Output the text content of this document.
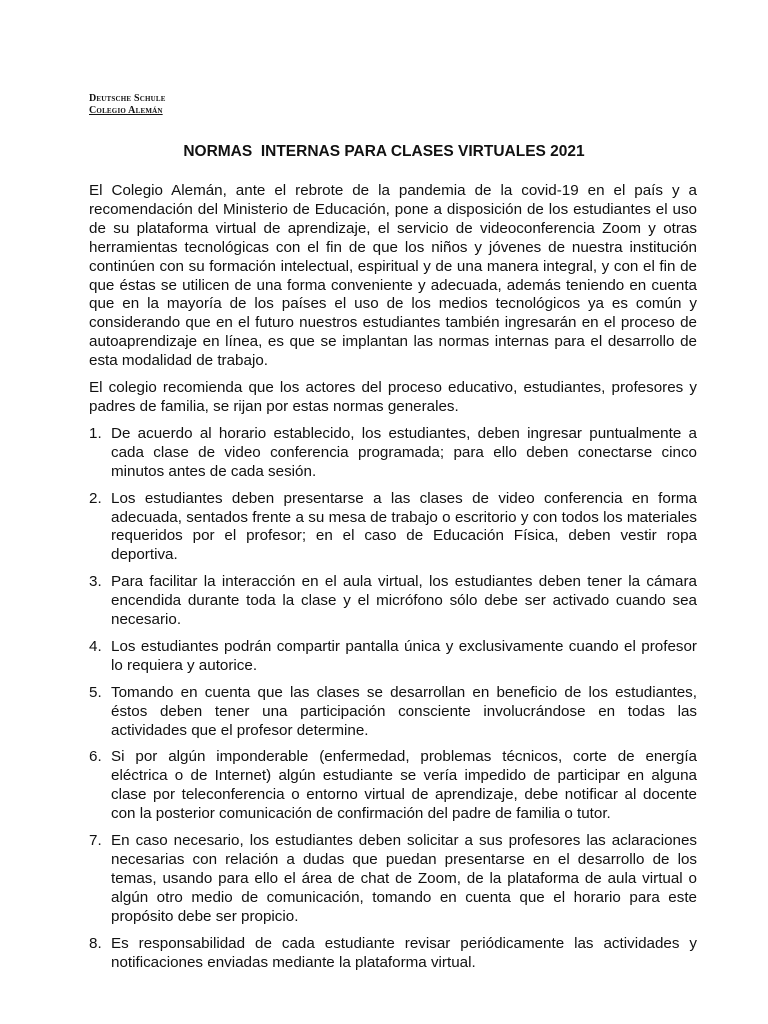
Deutsche Schule
Colegio Alemán
NORMAS  INTERNAS PARA CLASES VIRTUALES 2021

El Colegio Alemán, ante el rebrote de la pandemia de la covid-19 en el país y a recomendación del Ministerio de Educación, pone a disposición de los estudiantes el uso de su plataforma virtual de aprendizaje, el servicio de videoconferencia Zoom y otras herramientas tecnológicas con el fin de que los niños y jóvenes de nuestra institución continúen con su formación intelectual, espiritual y de una manera integral, y con el fin de que éstas se utilicen de una forma conveniente y adecuada, además teniendo en cuenta que en la mayoría de los países el uso de los medios tecnológicos ya es común y considerando que en el futuro nuestros estudiantes también ingresarán en el proceso de autoaprendizaje en línea, es que se implantan las normas internas para el desarrollo de esta modalidad de trabajo.

El colegio recomienda que los actores del proceso educativo, estudiantes, profesores y padres de familia, se rijan por estas normas generales.

1. De acuerdo al horario establecido, los estudiantes, deben ingresar puntualmente a cada clase de video conferencia programada; para ello deben conectarse cinco minutos antes de cada sesión.
2. Los estudiantes deben presentarse a las clases de video conferencia en forma adecuada, sentados frente a su mesa de trabajo o escritorio y con todos los materiales requeridos por el profesor; en el caso de Educación Física, deben vestir ropa deportiva.
3. Para facilitar la interacción en el aula virtual, los estudiantes deben tener la cámara encendida durante toda la clase y el micrófono sólo debe ser activado cuando sea necesario.
4. Los estudiantes podrán compartir pantalla única y exclusivamente cuando el profesor lo requiera y autorice.
5. Tomando en cuenta que las clases se desarrollan en beneficio de los estudiantes, éstos deben tener una participación consciente involucrándose en todas las actividades que el profesor determine.
6. Si por algún imponderable (enfermedad, problemas técnicos, corte de energía eléctrica o de Internet) algún estudiante se vería impedido de participar en alguna clase por teleconferencia o entorno virtual de aprendizaje, debe notificar al docente con la posterior comunicación de confirmación del padre de familia o tutor.
7. En caso necesario, los estudiantes deben solicitar a sus profesores las aclaraciones necesarias con relación a dudas que puedan presentarse en el desarrollo de los temas, usando para ello el área de chat de Zoom, de la plataforma de aula virtual o algún otro medio de comunicación, tomando en cuenta que el horario para este propósito debe ser propicio.
8. Es responsabilidad de cada estudiante revisar periódicamente las actividades y notificaciones enviadas mediante la plataforma virtual.
